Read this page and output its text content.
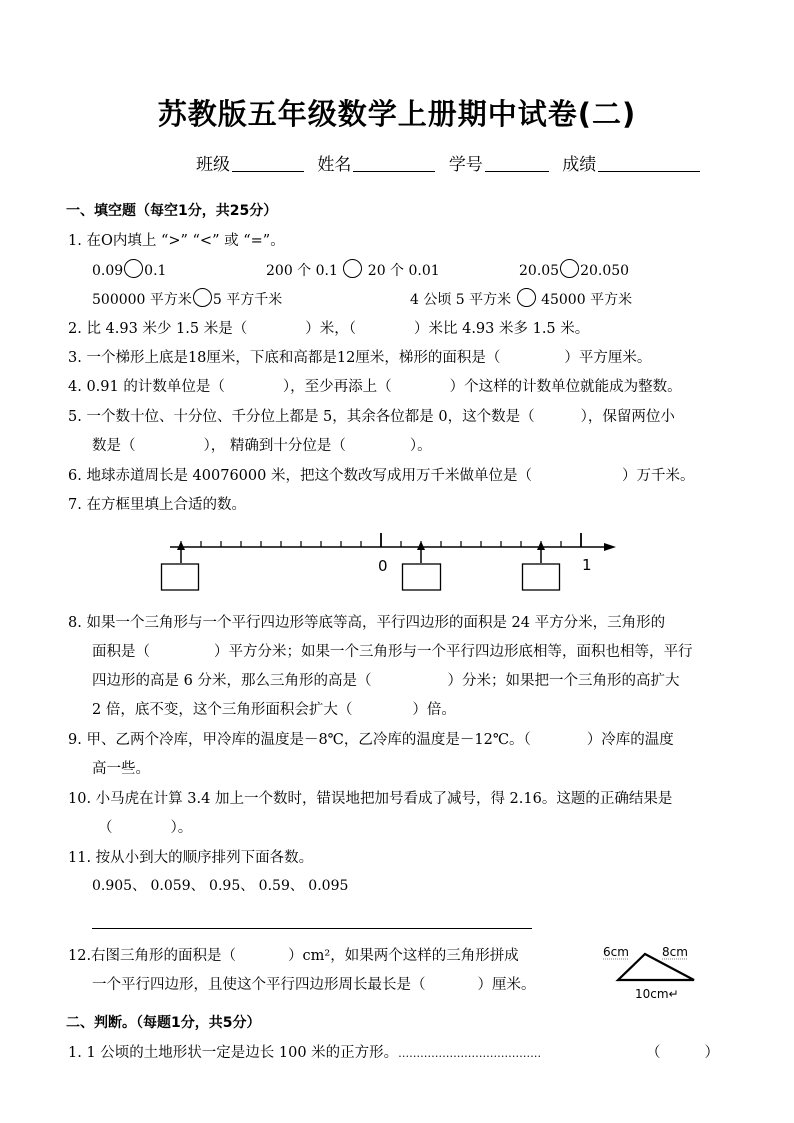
苏教版五年级数学上册期中试卷(二)
班级	姓名	学号	成绩
一、填空题（每空1分，共25分）
1. 在O内填上 “>” “<” 或 “=”。
0.09 0.1	200 个 0.1 20 个 0.01	20.05 20.050
500000 平方米 5 平方千米	4 公顷 5 平方米 45000 平方米
2. 比 4.93 米少 1.5 米是（	）米，（	）米比 4.93 米多 1.5 米。
3. 一个梯形上底是18厘米，下底和高都是12厘米，梯形的面积是（	）平方厘米。
4. 0.91 的计数单位是（	），至少再添上（	）个这样的计数单位就能成为整数。
5. 一个数十位、十分位、千分位上都是 5，其余各位都是 0，这个数是（	），保留两位小
数是（	）， 精确到十分位是（	）。
6. 地球赤道周长是 40076000 米，把这个数改写成用万千米做单位是（	）万千米。
7. 在方框里填上合适的数。
0	1
8. 如果一个三角形与一个平行四边形等底等高，平行四边形的面积是 24 平方分米，三角形的
面积是（	）平方分米；如果一个三角形与一个平行四边形底相等，面积也相等，平行
四边形的高是 6 分米，那么三角形的高是（	）分米；如果把一个三角形的高扩大
2 倍，底不变，这个三角形面积会扩大（	）倍。
9. 甲、乙两个冷库，甲冷库的温度是－8℃，乙冷库的温度是－12℃。（	）冷库的温度
高一些。
10. 小马虎在计算 3.4 加上一个数时，错误地把加号看成了减号，得 2.16。这题的正确结果是
（	）。
11. 按从小到大的顺序排列下面各数。
0.905、 0.059、 0.95、 0.59、 0.095
12.右图三角形的面积是（	）cm²，如果两个这样的三角形拼成
一个平行四边形，且使这个平行四边形周长最长是（	）厘米。
6cm	8cm
10cm↵
二、判断。（每题1分，共5分）
1. 1 公顷的土地形状一定是边长 100 米的正方形。…………………………………	（	）
